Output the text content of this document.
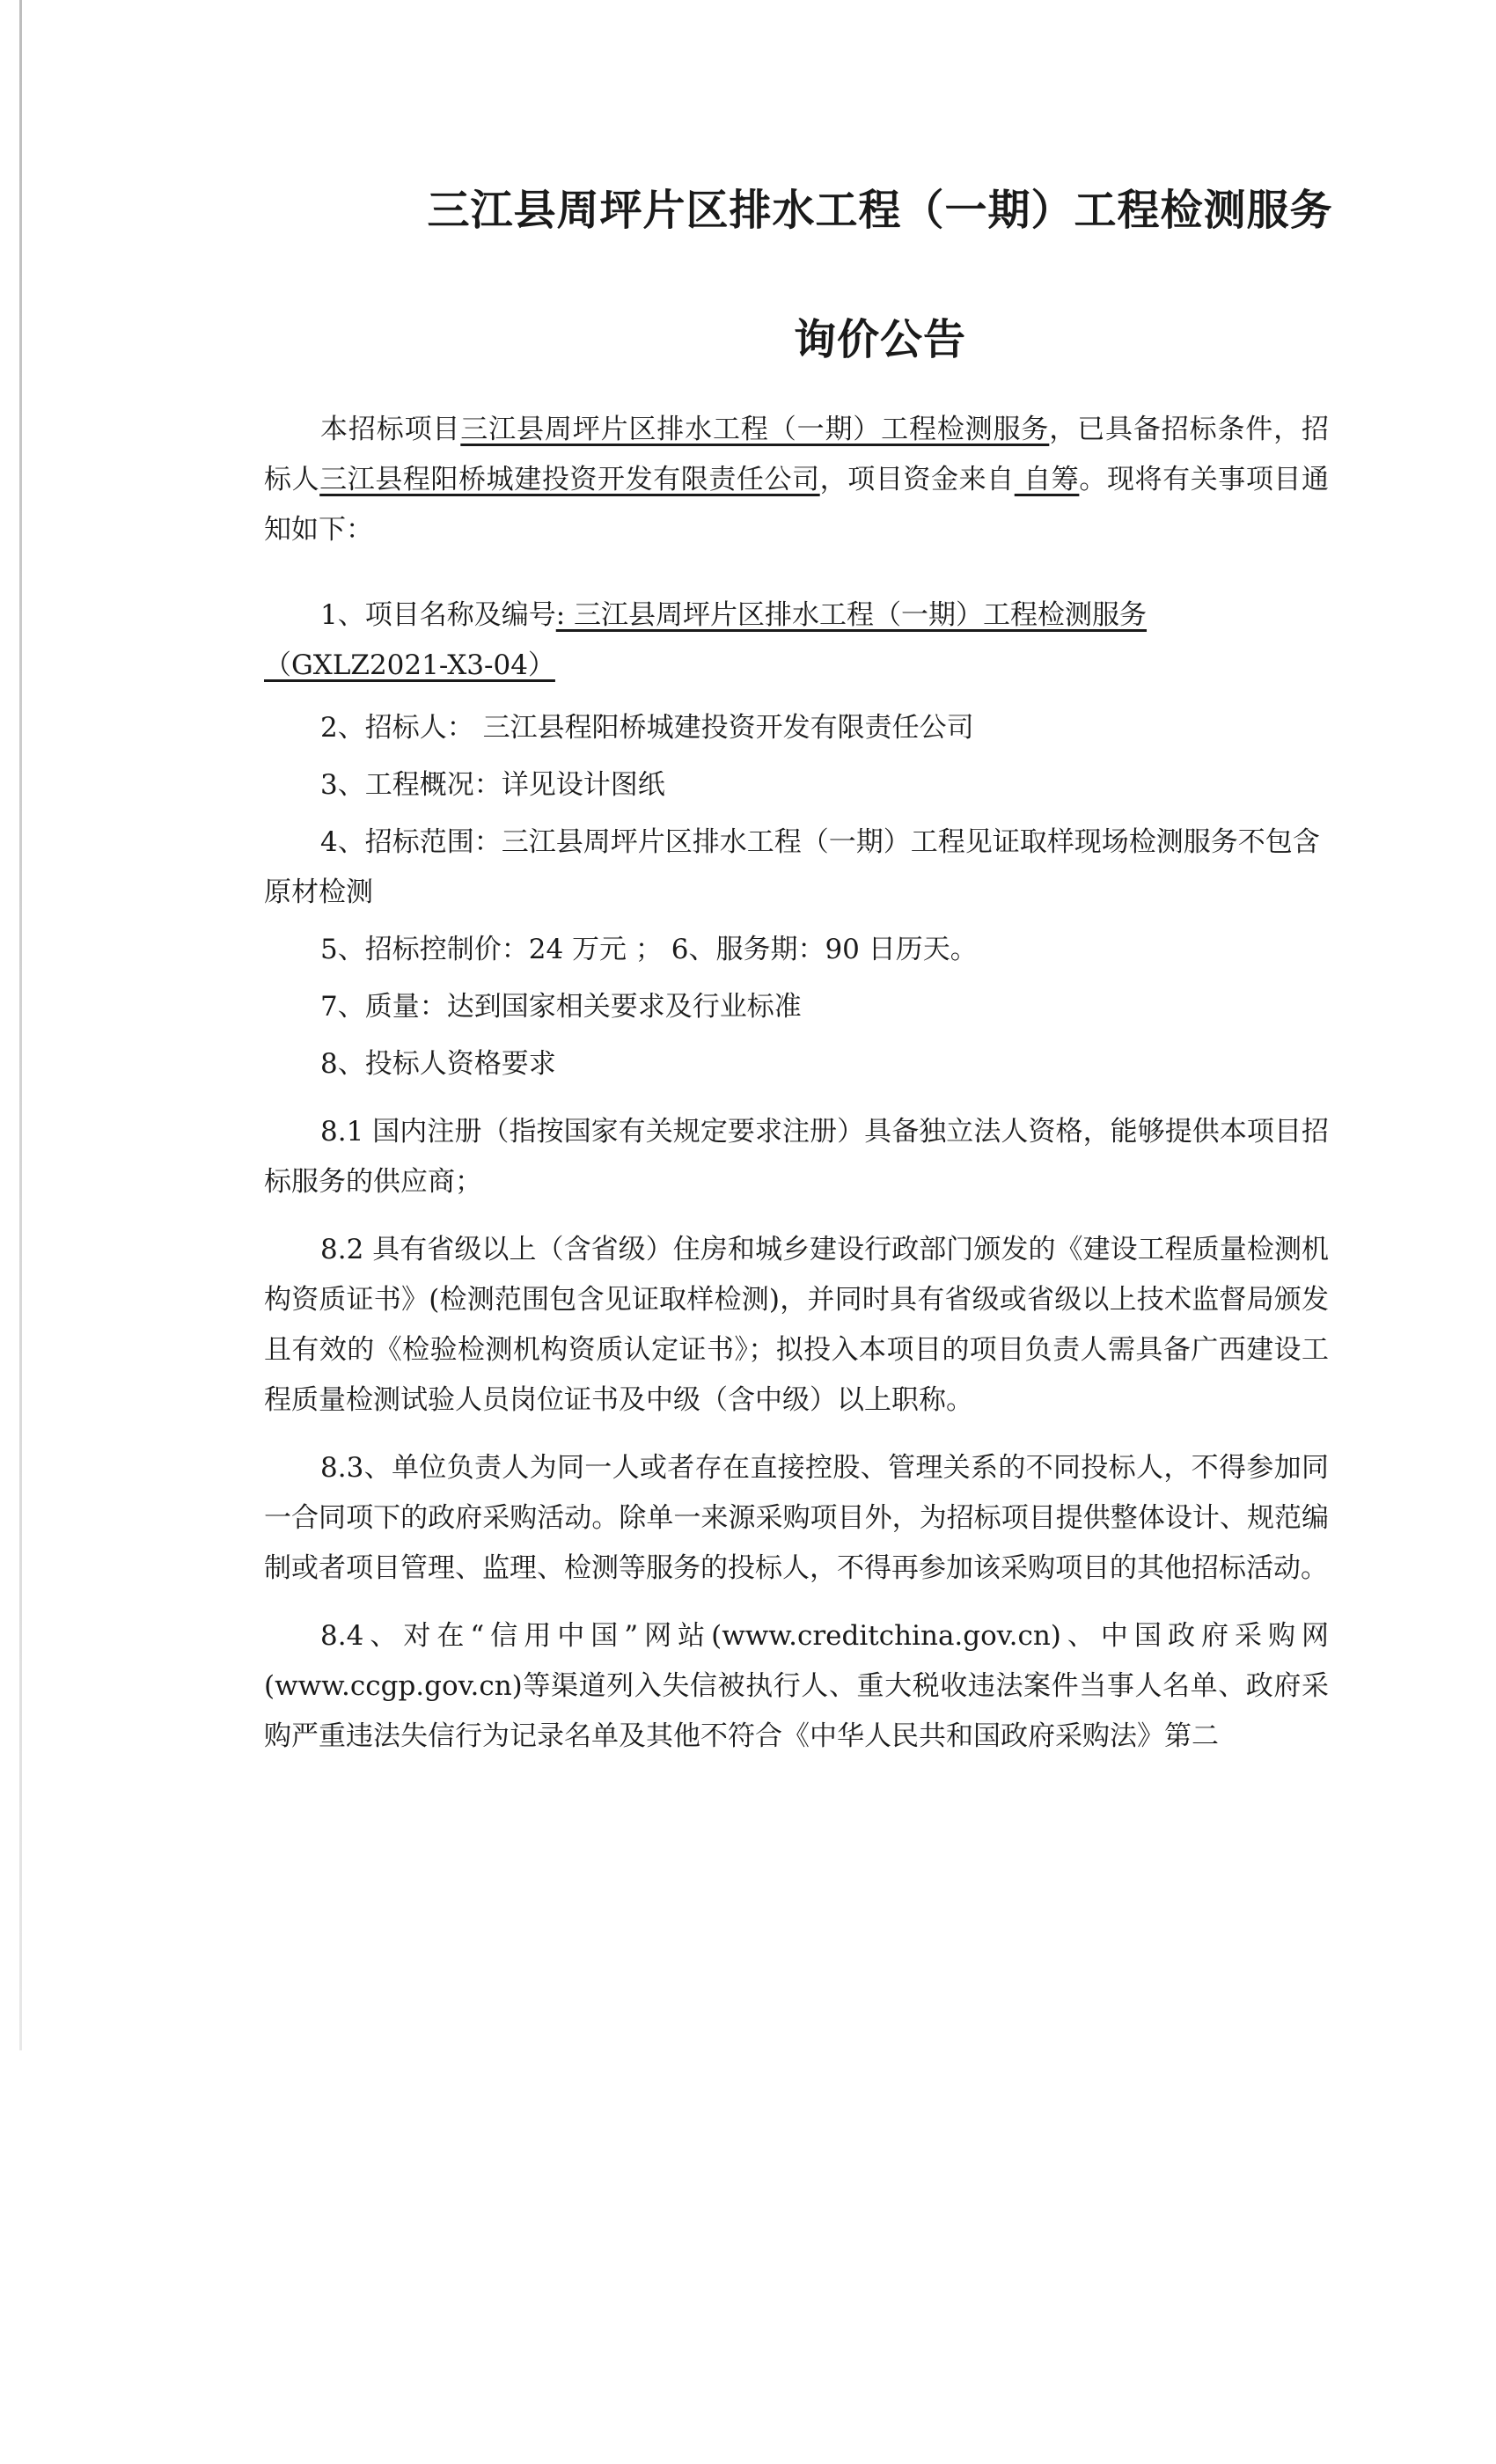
三江县周坪片区排水工程（一期）工程检测服务
询价公告

本招标项目三江县周坪片区排水工程（一期）工程检测服务，已具备招标条件，招标人三江县程阳桥城建投资开发有限责任公司，项目资金来自 自筹。现将有关事项目通知如下：

1、项目名称及编号: 三江县周坪片区排水工程（一期）工程检测服务（GXLZ2021-X3-04）

2、招标人： 三江县程阳桥城建投资开发有限责任公司

3、工程概况：详见设计图纸

4、招标范围：三江县周坪片区排水工程（一期）工程见证取样现场检测服务不包含原材检测

5、招标控制价：24 万元 ； 6、服务期：90 日历天。

7、质量：达到国家相关要求及行业标准

8、投标人资格要求

8.1 国内注册（指按国家有关规定要求注册）具备独立法人资格，能够提供本项目招标服务的供应商；

8.2 具有省级以上（含省级）住房和城乡建设行政部门颁发的《建设工程质量检测机构资质证书》(检测范围包含见证取样检测)，并同时具有省级或省级以上技术监督局颁发且有效的《检验检测机构资质认定证书》；拟投入本项目的项目负责人需具备广西建设工程质量检测试验人员岗位证书及中级（含中级）以上职称。

8.3、单位负责人为同一人或者存在直接控股、管理关系的不同投标人，不得参加同一合同项下的政府采购活动。除单一来源采购项目外，为招标项目提供整体设计、规范编制或者项目管理、监理、检测等服务的投标人，不得再参加该采购项目的其他招标活动。

8.4、对在“信用中国”网站(www.creditchina.gov.cn)、中国政府采购网(www.ccgp.gov.cn)等渠道列入失信被执行人、重大税收违法案件当事人名单、政府采购严重违法失信行为记录名单及其他不符合《中华人民共和国政府采购法》第二
